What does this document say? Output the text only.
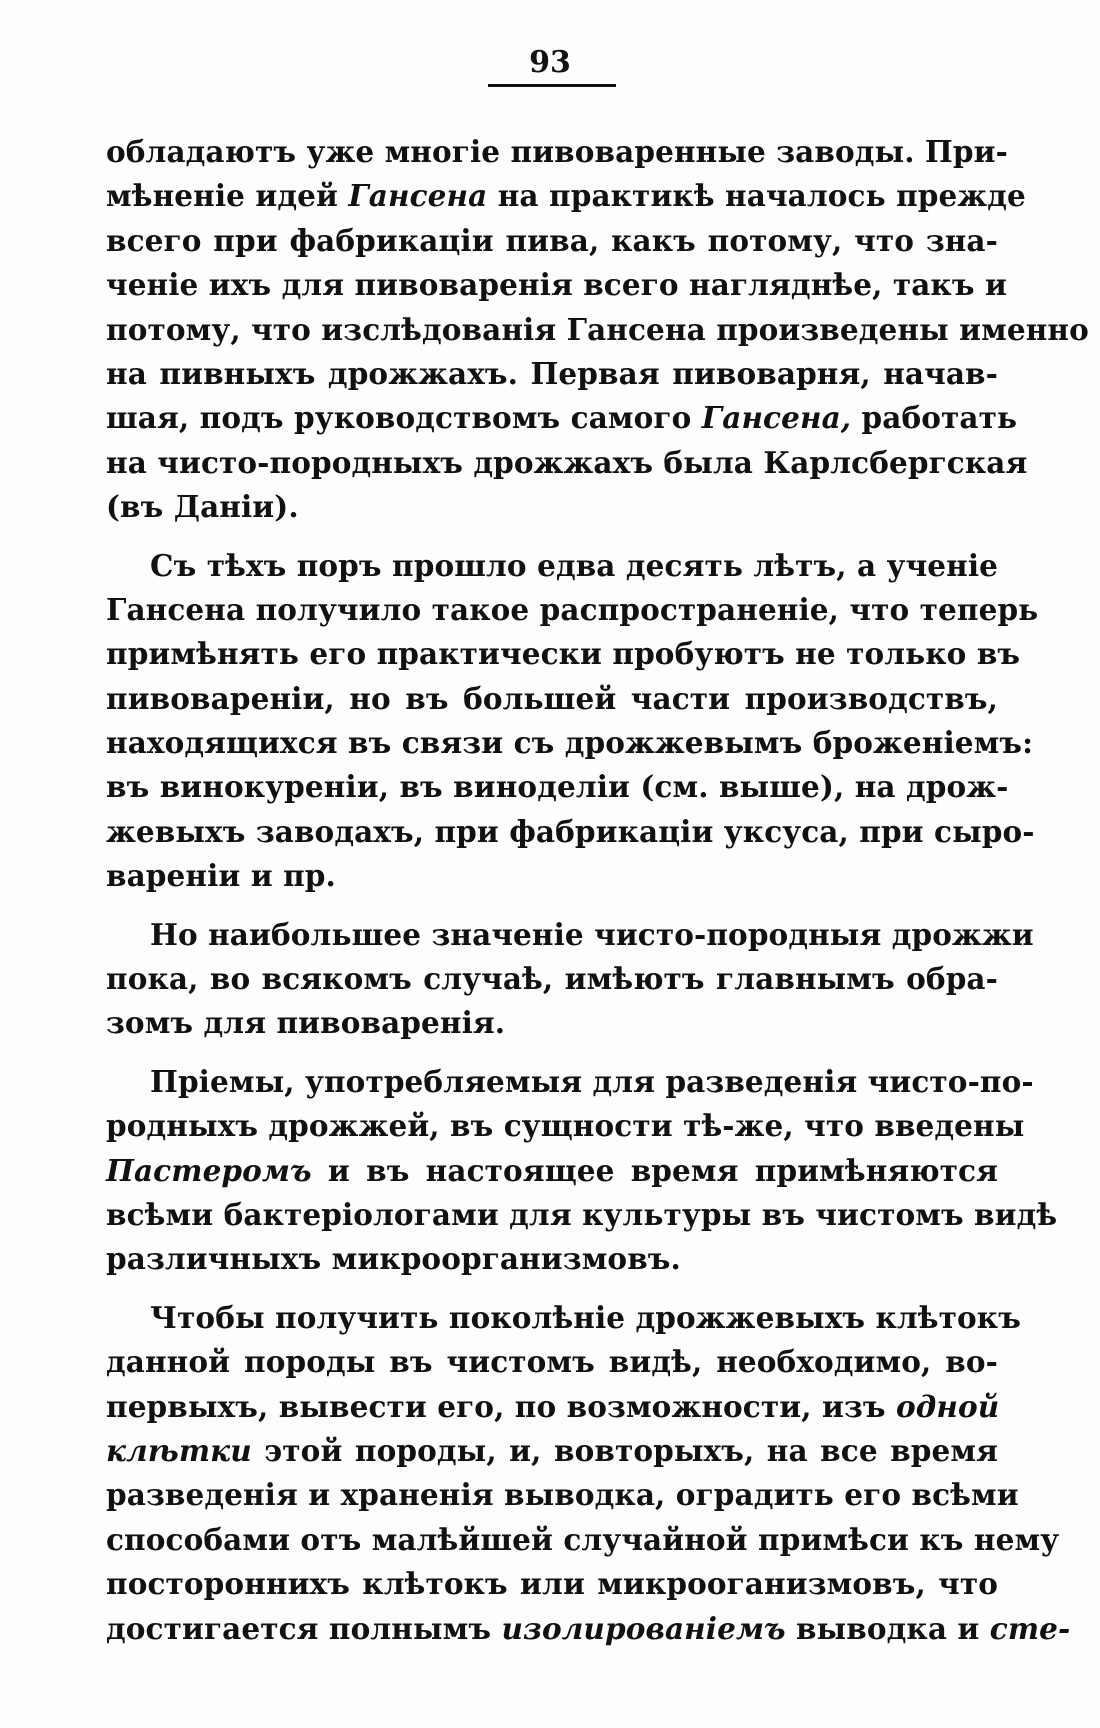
93
обладаютъ уже многіе пивоваренные заводы. При-
мѣненіе идей Гансена на практикѣ началось прежде
всего при фабрикаціи пива, какъ потому, что зна-
ченіе ихъ для пивоваренія всего нагляднѣе, такъ и
потому, что изслѣдованія Гансена произведены именно
на пивныхъ дрожжахъ. Первая пивоварня, начав-
шая, подъ руководствомъ самого Гансена, работать
на чисто-породныхъ дрожжахъ была Карлсбергская
(въ Даніи).
Съ тѣхъ поръ прошло едва десять лѣтъ, а ученіе
Гансена получило такое распространеніе, что теперь
примѣнять его практически пробуютъ не только въ
пивовареніи, но въ большей части производствъ,
находящихся въ связи съ дрожжевымъ броженіемъ:
въ винокуреніи, въ виноделіи (см. выше), на дрож-
жевыхъ заводахъ, при фабрикаціи уксуса, при сыро-
вареніи и пр.
Но наибольшее значеніе чисто-породныя дрожжи
пока, во всякомъ случаѣ, имѣютъ главнымъ обра-
зомъ для пивоваренія.
Пріемы, употребляемыя для разведенія чисто-по-
родныхъ дрожжей, въ сущности тѣ-же, что введены
Пастеромъ и въ настоящее время примѣняются
всѣми бактеріологами для культуры въ чистомъ видѣ
различныхъ микроорганизмовъ.
Чтобы получить поколѣніе дрожжевыхъ клѣтокъ
данной породы въ чистомъ видѣ, необходимо, во-
первыхъ, вывести его, по возможности, изъ одной
клѣтки этой породы, и, вовторыхъ, на все время
разведенія и храненія выводка, оградить его всѣми
способами отъ малѣйшей случайной примѣси къ нему
постороннихъ клѣтокъ или микрооганизмовъ, что
достигается полнымъ изолированіемъ выводка и сте-
